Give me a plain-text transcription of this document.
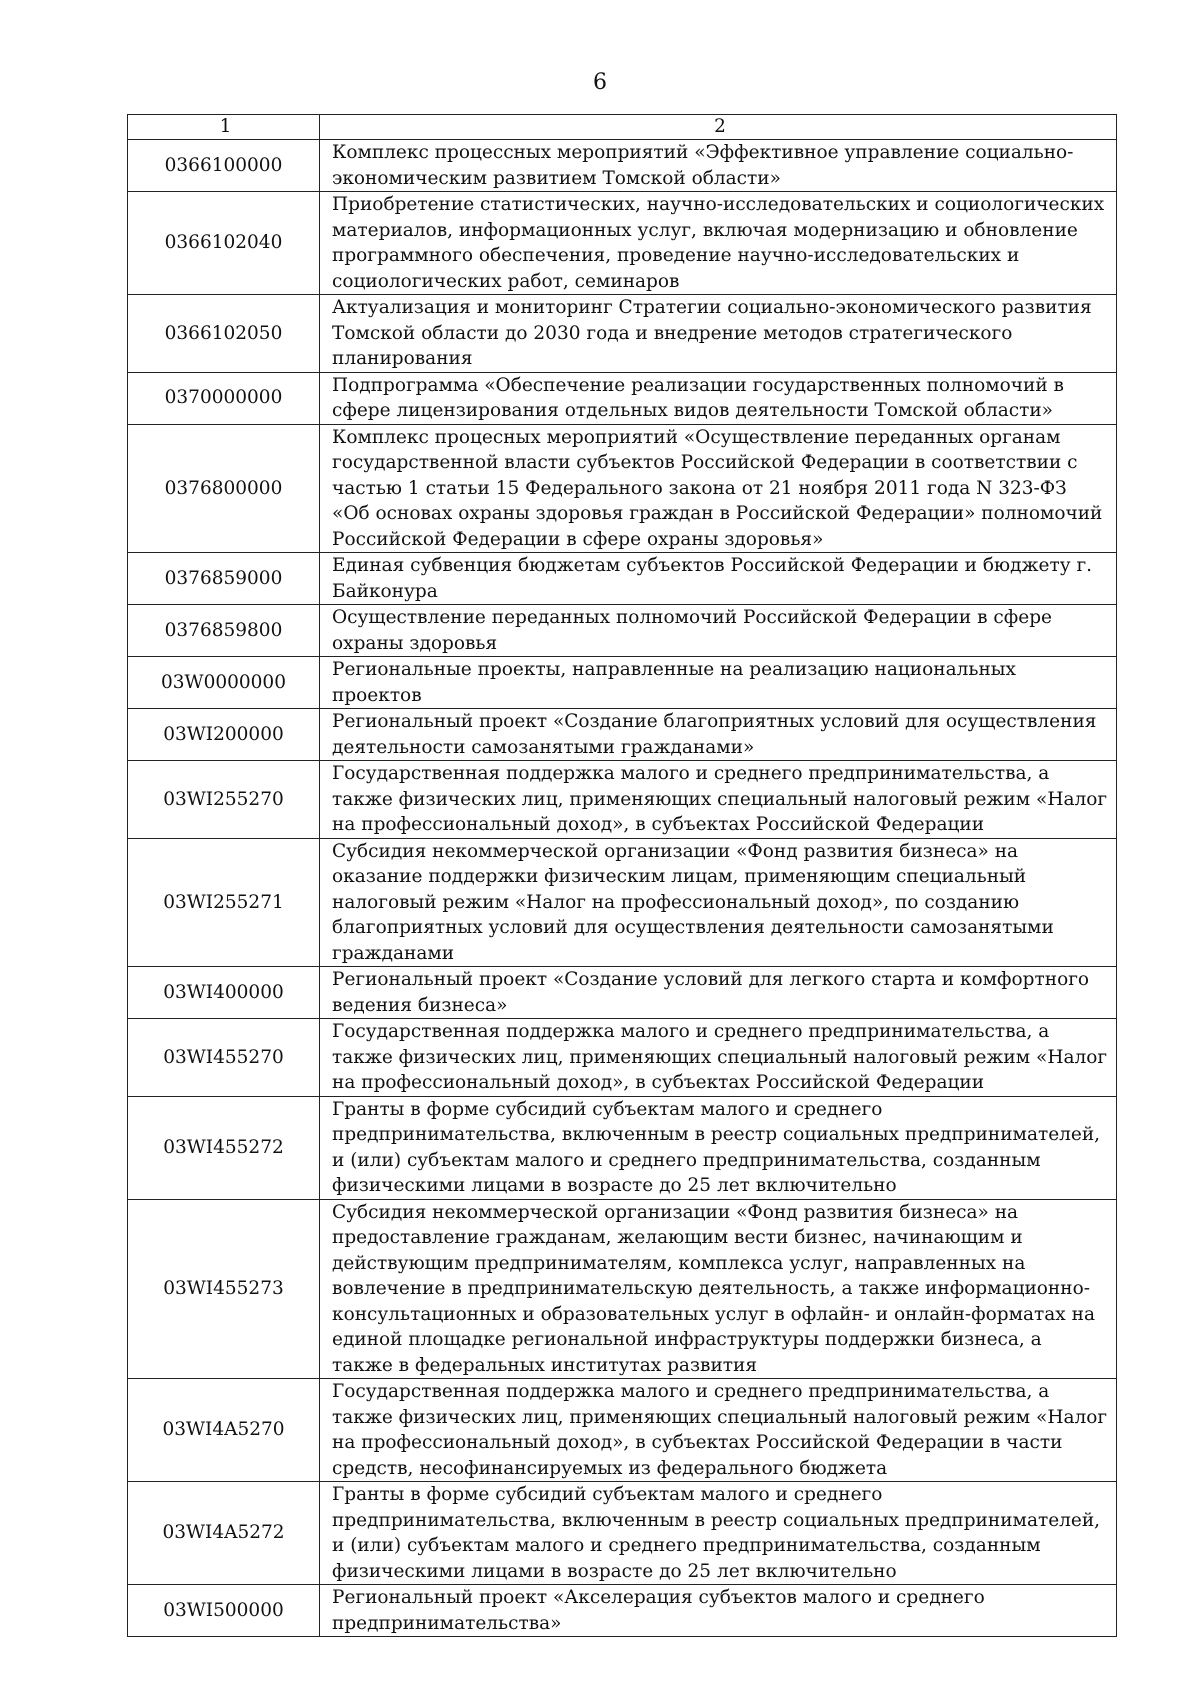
6
1	2
0366100000	Комплекс процессных мероприятий «Эффективное управление социально-экономическим развитием Томской области»
0366102040	Приобретение статистических, научно-исследовательских и социологических материалов, информационных услуг, включая модернизацию и обновление программного обеспечения, проведение научно-исследовательских и социологических работ, семинаров
0366102050	Актуализация и мониторинг Стратегии социально-экономического развития Томской области до 2030 года и внедрение методов стратегического планирования
0370000000	Подпрограмма «Обеспечение реализации государственных полномочий в сфере лицензирования отдельных видов деятельности Томской области»
0376800000	Комплекс процесных мероприятий «Осуществление переданных органам государственной власти субъектов Российской Федерации в соответствии с частью 1 статьи 15 Федерального закона от 21 ноября 2011 года N 323-ФЗ «Об основах охраны здоровья граждан в Российской Федерации» полномочий Российской Федерации в сфере охраны здоровья»
0376859000	Единая субвенция бюджетам субъектов Российской Федерации и бюджету г. Байконура
0376859800	Осуществление переданных полномочий Российской Федерации в сфере охраны здоровья
03W0000000	Региональные проекты, направленные на реализацию национальных проектов
03WI200000	Региональный проект «Создание благоприятных условий для осуществления деятельности самозанятыми гражданами»
03WI255270	Государственная поддержка малого и среднего предпринимательства, а также физических лиц, применяющих специальный налоговый режим «Налог на профессиональный доход», в субъектах Российской Федерации
03WI255271	Субсидия некоммерческой организации «Фонд развития бизнеса» на оказание поддержки физическим лицам, применяющим специальный налоговый режим «Налог на профессиональный доход», по созданию благоприятных условий для осуществления деятельности самозанятыми гражданами
03WI400000	Региональный проект «Создание условий для легкого старта и комфортного ведения бизнеса»
03WI455270	Государственная поддержка малого и среднего предпринимательства, а также физических лиц, применяющих специальный налоговый режим «Налог на профессиональный доход», в субъектах Российской Федерации
03WI455272	Гранты в форме субсидий субъектам малого и среднего предпринимательства, включенным в реестр социальных предпринимателей, и (или) субъектам малого и среднего предпринимательства, созданным физическими лицами в возрасте до 25 лет включительно
03WI455273	Субсидия некоммерческой организации «Фонд развития бизнеса» на предоставление гражданам, желающим вести бизнес, начинающим и действующим предпринимателям, комплекса услуг, направленных на вовлечение в предпринимательскую деятельность, а также информационно-консультационных и образовательных услуг в офлайн- и онлайн-форматах на единой площадке региональной инфраструктуры поддержки бизнеса, а также в федеральных институтах развития
03WI4A5270	Государственная поддержка малого и среднего предпринимательства, а также физических лиц, применяющих специальный налоговый режим «Налог на профессиональный доход», в субъектах Российской Федерации в части средств, несофинансируемых из федерального бюджета
03WI4A5272	Гранты в форме субсидий субъектам малого и среднего предпринимательства, включенным в реестр социальных предпринимателей, и (или) субъектам малого и среднего предпринимательства, созданным физическими лицами в возрасте до 25 лет включительно
03WI500000	Региональный проект «Акселерация субъектов малого и среднего предпринимательства»
